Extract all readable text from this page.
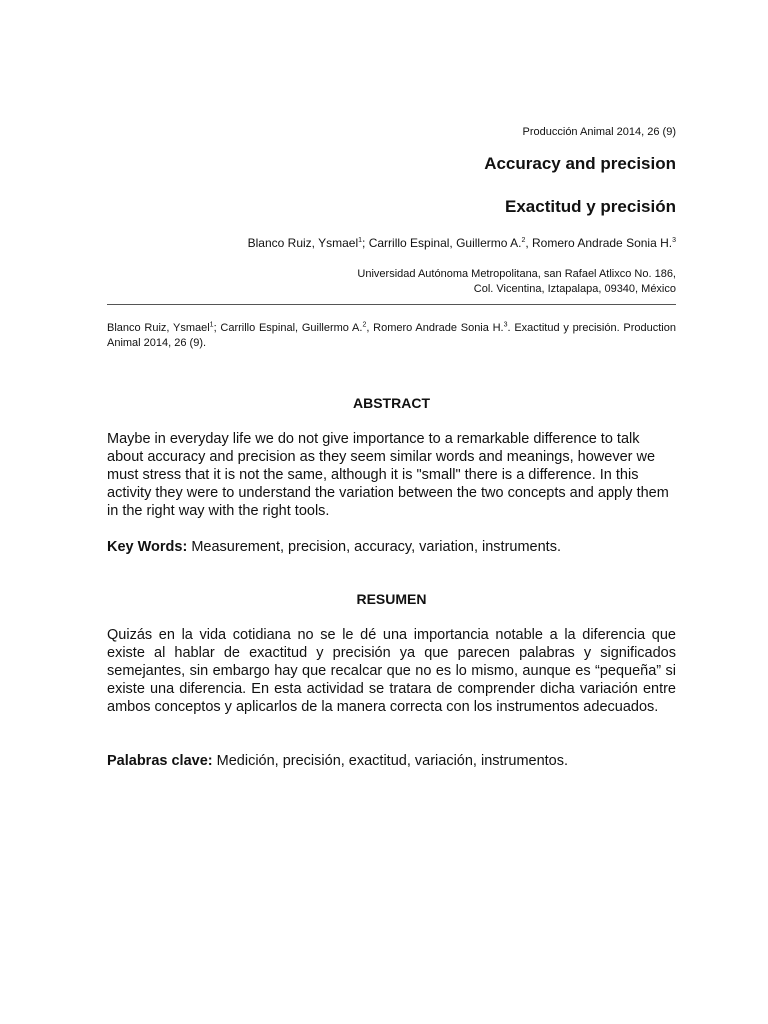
Producción Animal 2014, 26 (9)
Accuracy and precision
Exactitud y precisión
Blanco Ruiz, Ysmael$^1$; Carrillo Espinal, Guillermo A.$^2$, Romero Andrade Sonia H.$^3$
Universidad Autónoma Metropolitana, san Rafael Atlixco No. 186,
Col. Vicentina, Iztapalapa, 09340, México
Blanco Ruiz, Ysmael$^1$; Carrillo Espinal, Guillermo A.$^2$, Romero Andrade Sonia H.$^3$. Exactitud y precisión. Production Animal 2014, 26 (9).
ABSTRACT
Maybe in everyday life we do not give importance to a remarkable difference to talk about accuracy and precision as they seem similar words and meanings, however we must stress that it is not the same, although it is "small" there is a difference. In this activity they were to understand the variation between the two concepts and apply them in the right way with the right tools.
Key Words: Measurement, precision, accuracy, variation, instruments.
RESUMEN
Quizás en la vida cotidiana no se le dé una importancia notable a la diferencia que existe al hablar de exactitud y precisión ya que parecen palabras y significados semejantes, sin embargo hay que recalcar que no es lo mismo, aunque es “pequeña” si existe una diferencia. En esta actividad se tratara de comprender dicha variación entre ambos conceptos y aplicarlos de la manera correcta con los instrumentos adecuados.
Palabras clave: Medición, precisión, exactitud, variación, instrumentos.
